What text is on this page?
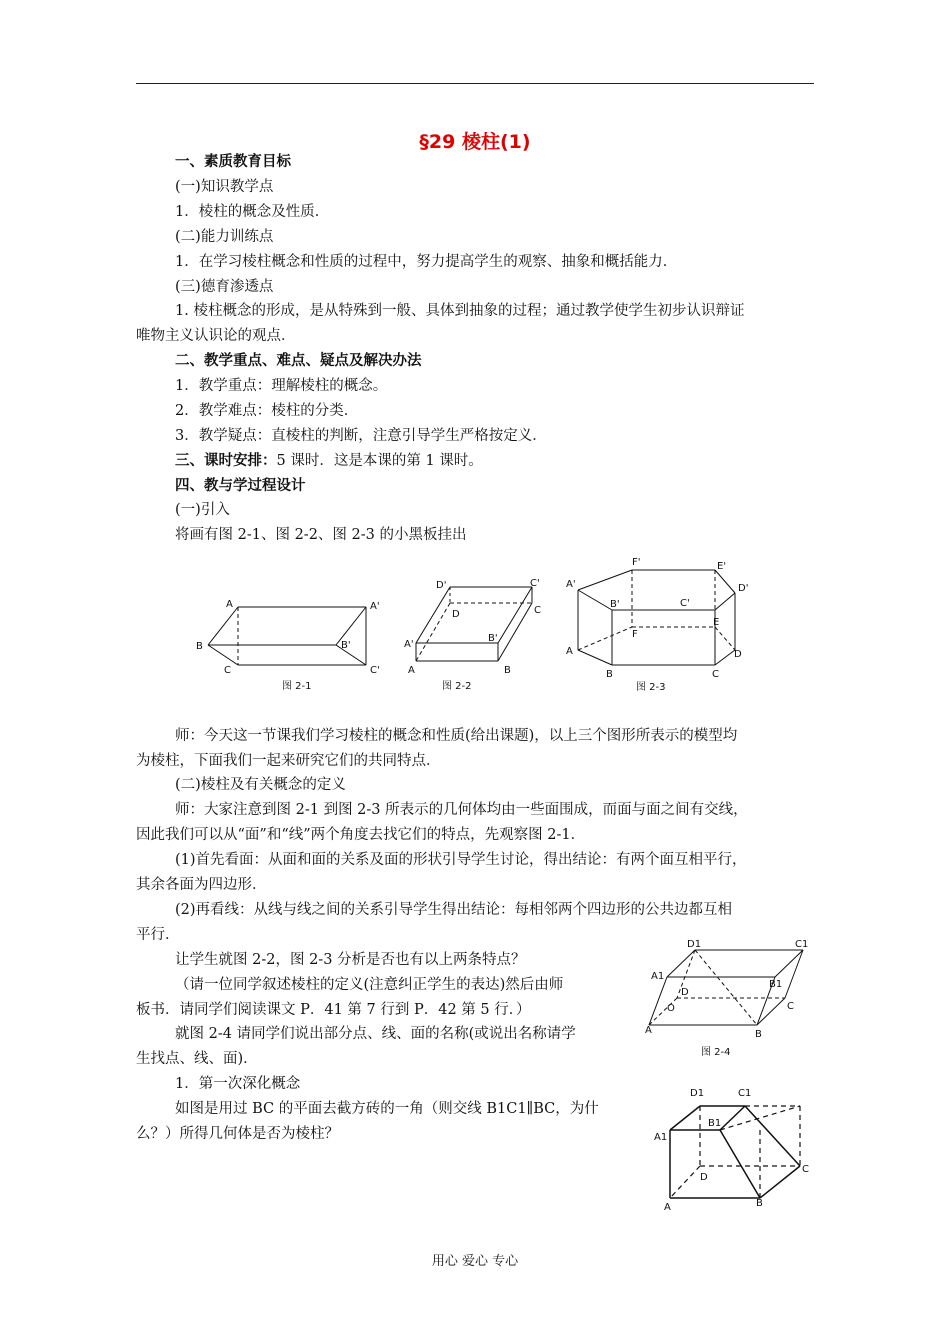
§29 棱柱(1)
一、素质教育目标
(一)知识教学点
1．棱柱的概念及性质．
(二)能力训练点
1．在学习棱柱概念和性质的过程中，努力提高学生的观察、抽象和概括能力．
(三)德育渗透点
1. 棱柱概念的形成，是从特殊到一般、具体到抽象的过程；通过教学使学生初步认识辩证
唯物主义认识论的观点．
二、教学重点、难点、疑点及解决办法
1．教学重点：理解棱柱的概念。
2．教学难点：棱柱的分类．
3．教学疑点：直棱柱的判断，注意引导学生严格按定义．
三、课时安排：5 课时．这是本课的第 1 课时。
四、教与学过程设计
(一)引入
将画有图 2-1、图 2-2、图 2-3 的小黑板挂出
A	A'
B	B'
C	C'
图 2-1
D'	C'
D	C
A'
B'
A	B
图 2-2
F'	E'
A'	D'
B'	C'
F
E
A	D
B	C
图 2-3
师：今天这一节课我们学习棱柱的概念和性质(给出课题)，以上三个图形所表示的模型均
为棱柱，下面我们一起来研究它们的共同特点．
(二)棱柱及有关概念的定义
师：大家注意到图 2-1 到图 2-3 所表示的几何体均由一些面围成，而面与面之间有交线，
因此我们可以从“面”和“线”两个角度去找它们的特点，先观察图 2-1．
(1)首先看面：从面和面的关系及面的形状引导学生讨论，得出结论：有两个面互相平行，
其余各面为四边形．
(2)再看线：从线与线之间的关系引导学生得出结论：每相邻两个四边形的公共边都互相
平行．
让学生就图 2-2，图 2-3 分析是否也有以上两条特点？
（请一位同学叙述棱柱的定义(注意纠正学生的表达)然后由师
板书．请同学们阅读课文 P．41 第 7 行到 P．42 第 5 行．）
就图 2-4 请同学们说出部分点、线、面的名称(或说出名称请学
生找点、线、面)．
1．第一次深化概念
如图是用过 BC 的平面去截方砖的一角（则交线 B1C1∥BC，为什
么？）所得几何体是否为棱柱？
D1	C1
A1
B1
D
C
O
A	B
图 2-4
D1	C1
B1
A1
D
C
A	B
用心 爱心 专心
